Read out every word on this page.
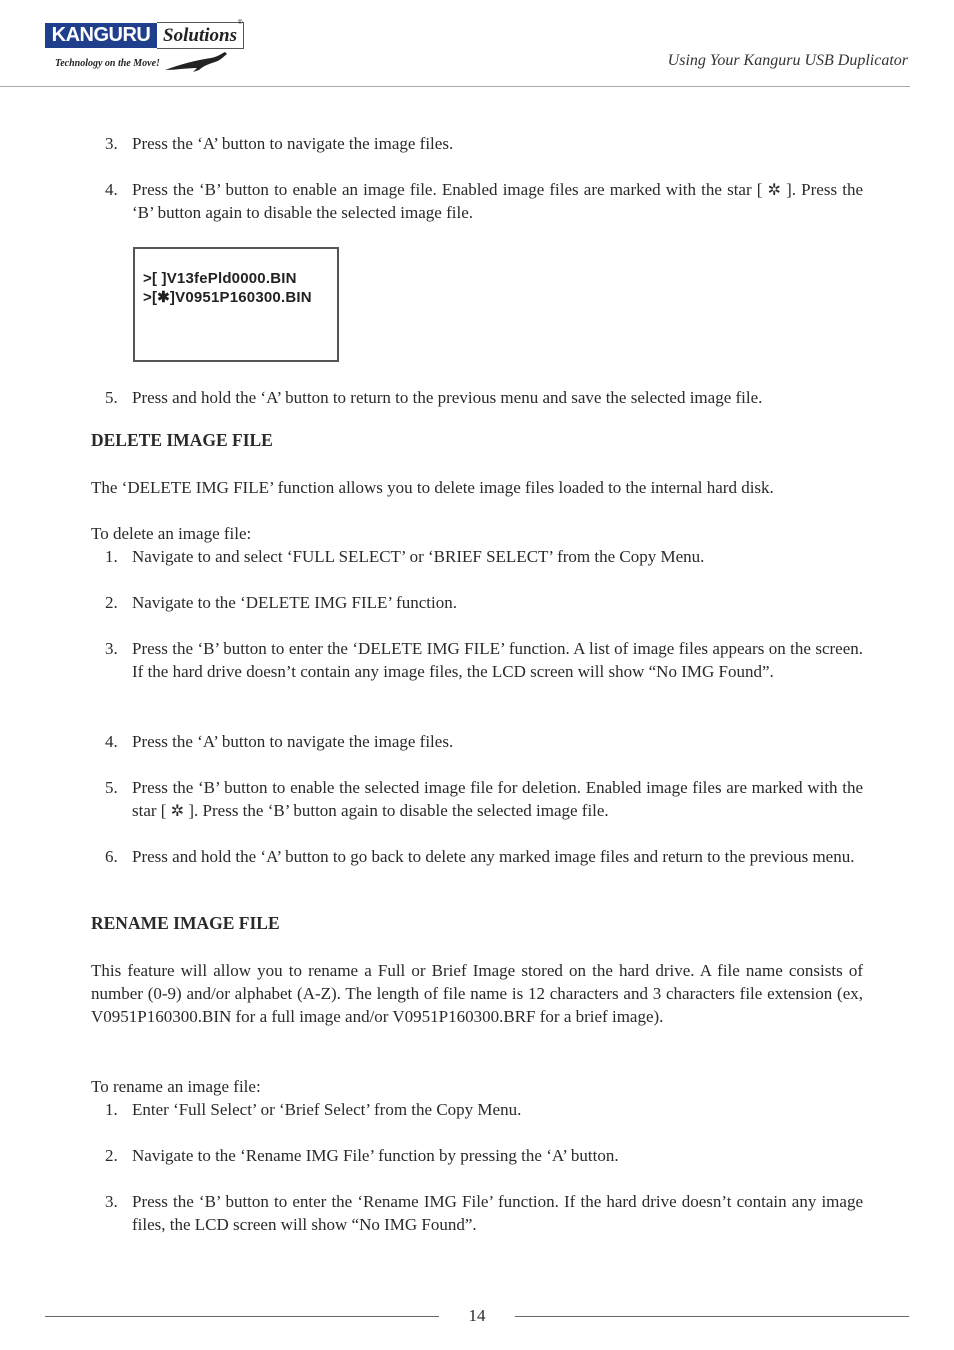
KANGURU Solutions
®
Technology on the Move!	Using Your Kanguru USB Duplicator
3. Press the ‘A’ button to navigate the image files.
4. Press the ‘B’ button to enable an image file. Enabled image files are marked with the star [ ✲ ]. Press the ‘B’ button again to disable the selected image file.
>[ ]V13fePld0000.BIN
>[✱]V0951P160300.BIN
5. Press and hold the ‘A’ button to return to the previous menu and save the selected image file.
DELETE IMAGE FILE
The ‘DELETE IMG FILE’ function allows you to delete image files loaded to the internal hard disk.
To delete an image file:
1. Navigate to and select ‘FULL SELECT’ or ‘BRIEF SELECT’ from the Copy Menu.
2. Navigate to the ‘DELETE IMG FILE’ function.
3. Press the ‘B’ button to enter the ‘DELETE IMG FILE’ function. A list of image files appears on the screen. If the hard drive doesn’t contain any image files, the LCD screen will show “No IMG Found”.
4. Press the ‘A’ button to navigate the image files.
5. Press the ‘B’ button to enable the selected image file for deletion. Enabled image files are marked with the star [ ✲ ]. Press the ‘B’ button again to disable the selected image file.
6. Press and hold the ‘A’ button to go back to delete any marked image files and return to the previous menu.
RENAME IMAGE FILE
This feature will allow you to rename a Full or Brief Image stored on the hard drive. A file name consists of number (0-9) and/or alphabet (A-Z). The length of file name is 12 characters and 3 characters file extension (ex, V0951P160300.BIN for a full image and/or V0951P160300.BRF for a brief image).
To rename an image file:
1. Enter ‘Full Select’ or ‘Brief Select’ from the Copy Menu.
2. Navigate to the ‘Rename IMG File’ function by pressing the ‘A’ button.
3. Press the ‘B’ button to enter the ‘Rename IMG File’ function. If the hard drive doesn’t contain any image files, the LCD screen will show “No IMG Found”.
14
